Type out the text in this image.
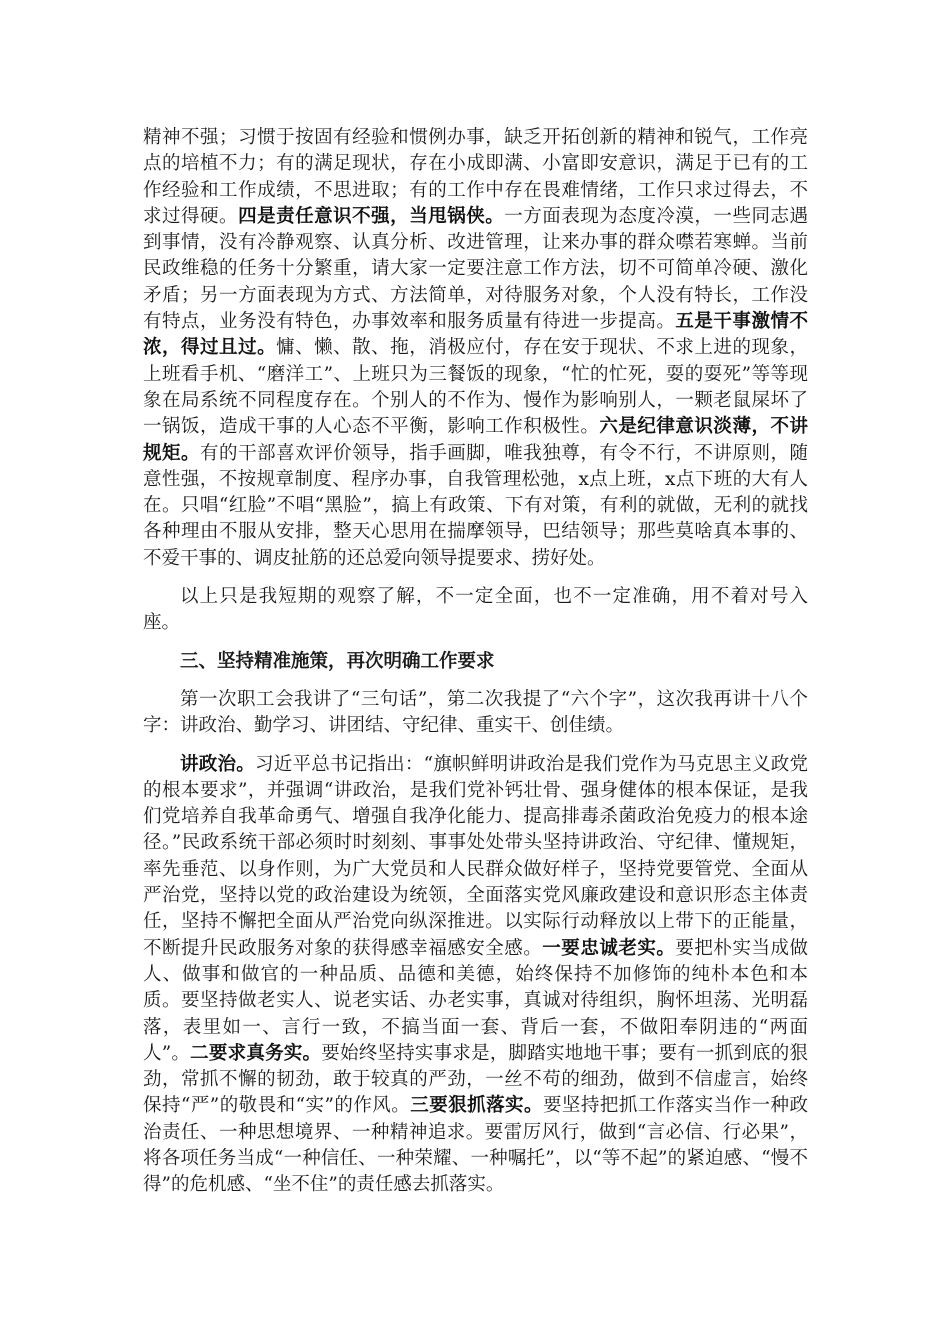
精神不强；习惯于按固有经验和惯例办事，缺乏开拓创新的精神和锐气，工作亮点的培植不力；有的满足现状，存在小成即满、小富即安意识，满足于已有的工作经验和工作成绩，不思进取；有的工作中存在畏难情绪，工作只求过得去，不求过得硬。四是责任意识不强，当甩锅侠。一方面表现为态度冷漠，一些同志遇到事情，没有冷静观察、认真分析、改进管理，让来办事的群众噤若寒蝉。当前民政维稳的任务十分繁重，请大家一定要注意工作方法，切不可简单冷硬、激化矛盾；另一方面表现为方式、方法简单，对待服务对象，个人没有特长，工作没有特点，业务没有特色，办事效率和服务质量有待进一步提高。五是干事激情不浓，得过且过。慵、懒、散、拖，消极应付，存在安于现状、不求上进的现象，上班看手机、“磨洋工”、上班只为三餐饭的现象，“忙的忙死，耍的耍死”等等现象在局系统不同程度存在。个别人的不作为、慢作为影响别人，一颗老鼠屎坏了一锅饭，造成干事的人心态不平衡，影响工作积极性。六是纪律意识淡薄，不讲规矩。有的干部喜欢评价领导，指手画脚，唯我独尊，有令不行，不讲原则，随意性强，不按规章制度、程序办事，自我管理松弛，x点上班，x点下班的大有人在。只唱“红脸”不唱“黑脸”，搞上有政策、下有对策，有利的就做，无利的就找各种理由不服从安排，整天心思用在揣摩领导，巴结领导；那些莫啥真本事的、不爱干事的、调皮扯筋的还总爱向领导提要求、捞好处。

以上只是我短期的观察了解，不一定全面，也不一定准确，用不着对号入座。

三、坚持精准施策，再次明确工作要求

第一次职工会我讲了“三句话”，第二次我提了“六个字”，这次我再讲十八个字：讲政治、勤学习、讲团结、守纪律、重实干、创佳绩。

讲政治。习近平总书记指出：“旗帜鲜明讲政治是我们党作为马克思主义政党的根本要求”，并强调“讲政治，是我们党补钙壮骨、强身健体的根本保证，是我们党培养自我革命勇气、增强自我净化能力、提高排毒杀菌政治免疫力的根本途径。”民政系统干部必须时时刻刻、事事处处带头坚持讲政治、守纪律、懂规矩，率先垂范、以身作则，为广大党员和人民群众做好样子，坚持党要管党、全面从严治党，坚持以党的政治建设为统领，全面落实党风廉政建设和意识形态主体责任，坚持不懈把全面从严治党向纵深推进。以实际行动释放以上带下的正能量，不断提升民政服务对象的获得感幸福感安全感。一要忠诚老实。要把朴实当成做人、做事和做官的一种品质、品德和美德，始终保持不加修饰的纯朴本色和本质。要坚持做老实人、说老实话、办老实事，真诚对待组织，胸怀坦荡、光明磊落，表里如一、言行一致，不搞当面一套、背后一套，不做阳奉阴违的“两面人”。二要求真务实。要始终坚持实事求是，脚踏实地地干事；要有一抓到底的狠劲，常抓不懈的韧劲，敢于较真的严劲，一丝不苟的细劲，做到不信虚言，始终保持“严”的敬畏和“实”的作风。三要狠抓落实。要坚持把抓工作落实当作一种政治责任、一种思想境界、一种精神追求。要雷厉风行，做到“言必信、行必果”，将各项任务当成“一种信任、一种荣耀、一种嘱托”，以“等不起”的紧迫感、“慢不得”的危机感、“坐不住”的责任感去抓落实。
